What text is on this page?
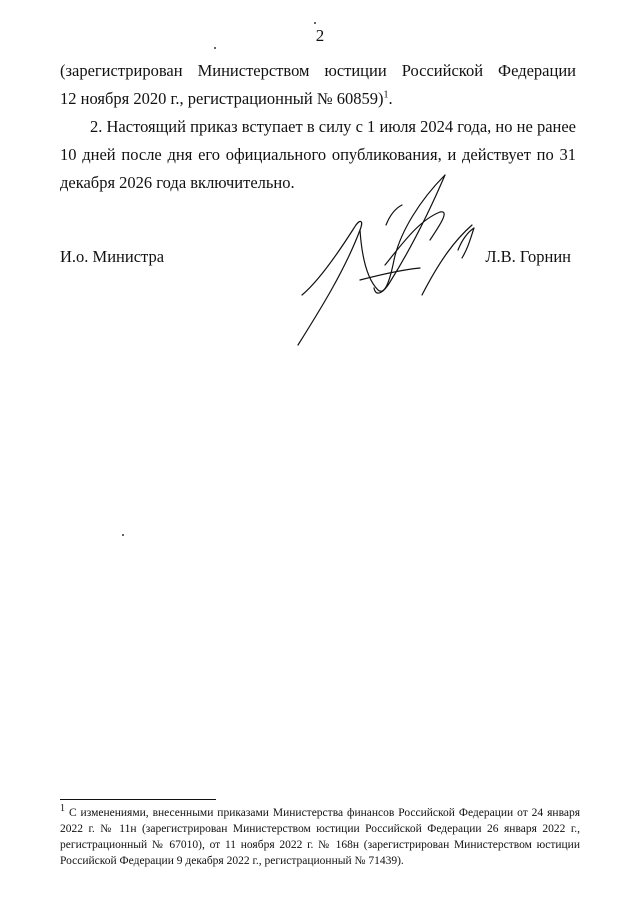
2

(зарегистрирован Министерством юстиции Российской Федерации
12 ноября 2020 г., регистрационный № 60859)$^1$.

2. Настоящий приказ вступает в силу с 1 июля 2024 года, но не ранее 10 дней после дня его официального опубликования, и действует по 31 декабря 2026 года включительно.

И.о. Министра	Л.В. Горнин

$^1$ С изменениями, внесенными приказами Министерства финансов Российской Федерации от 24 января 2022 г. № 11н (зарегистрирован Министерством юстиции Российской Федерации 26 января 2022 г., регистрационный № 67010), от 11 ноября 2022 г. № 168н (зарегистрирован Министерством юстиции Российской Федерации 9 декабря 2022 г., регистрационный № 71439).
